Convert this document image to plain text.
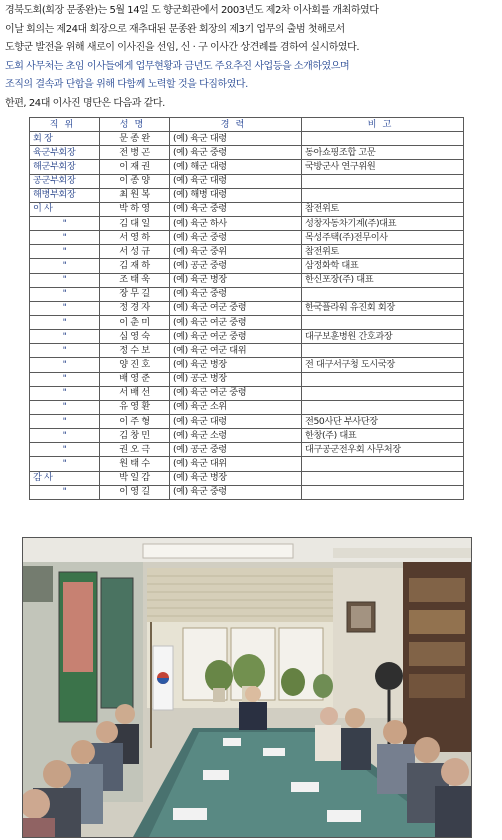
경북도회(회장 문종완)는 5월 14일 도 향군회관에서 2003년도 제2차 이사회를 개최하였다

이날 회의는 제24대 회장으로 재추대된 문종완 회장의 제3기 업무의 출범 첫해로서

도향군 발전을 위해 새로이 이사진을 선임, 신 · 구 이사간 상견례를 겸하여 실시하였다.

도회 사무처는 초임 이사들에게 업무현황과 금년도 주요추진 사업등을 소개하였으며

조직의 결속과 단합을 위해 다함께 노력할 것을 다짐하였다.

한편, 24대 이사진 명단은 다음과 같다.

직위	성명	경력	비고
회 장	문 종 완	(예) 육군 대령	
육군부회장	전 병 곤	(예) 육군 중령	동아쇼핑조합 고문
해군부회장	이 재 권	(예) 해군 대령	국방군사 연구위원
공군부회장	이 종 양	(예) 육군 대령	
해병부회장	최 원 복	(예) 해병 대령	
이 사	박 하 영	(예) 육군 중령	참전위토
"	김 대 일	(예) 육군 하사	성창자동차기계(주)대표
"	서 영 하	(예) 육군 중령	목성주택(주)전무이사
"	서 성 규	(예) 육군 중위	참전위토
"	김 재 하	(예) 공군 중령	삼정화학 대표
"	조 태 욱	(예) 육군 병장	한신포장(주) 대표
"	장 무 길	(예) 육군 중령	
"	정 경 자	(예) 육군 여군 중령	한국플라워 유진회 회장
"	이 춘 미	(예) 육군 여군 중령	
"	심 영 숙	(예) 육군 여군 중령	대구보훈병원 간호과장
"	정 수 보	(예) 육군 여군 대위	
"	양 진 호	(예) 육군 병장	전 대구서구청 도시국장
"	배 영 준	(예) 공군 병장	
"	서 배 선	(예) 육군 여군 중령	
"	유 영 환	(예) 육군 소위	
"	이 주 형	(예) 육군 대령	전50사단 부사단장
"	김 창 민	(예) 육군 소령	한창(주) 대표
"	권 오 극	(예) 공군 중령	대구공군전우회 사무처장
"	원 태 수	(예) 육군 대위	
감 사	박 일 감	(예) 육군 병장	
"	이 영 길	(예) 육군 중령	
